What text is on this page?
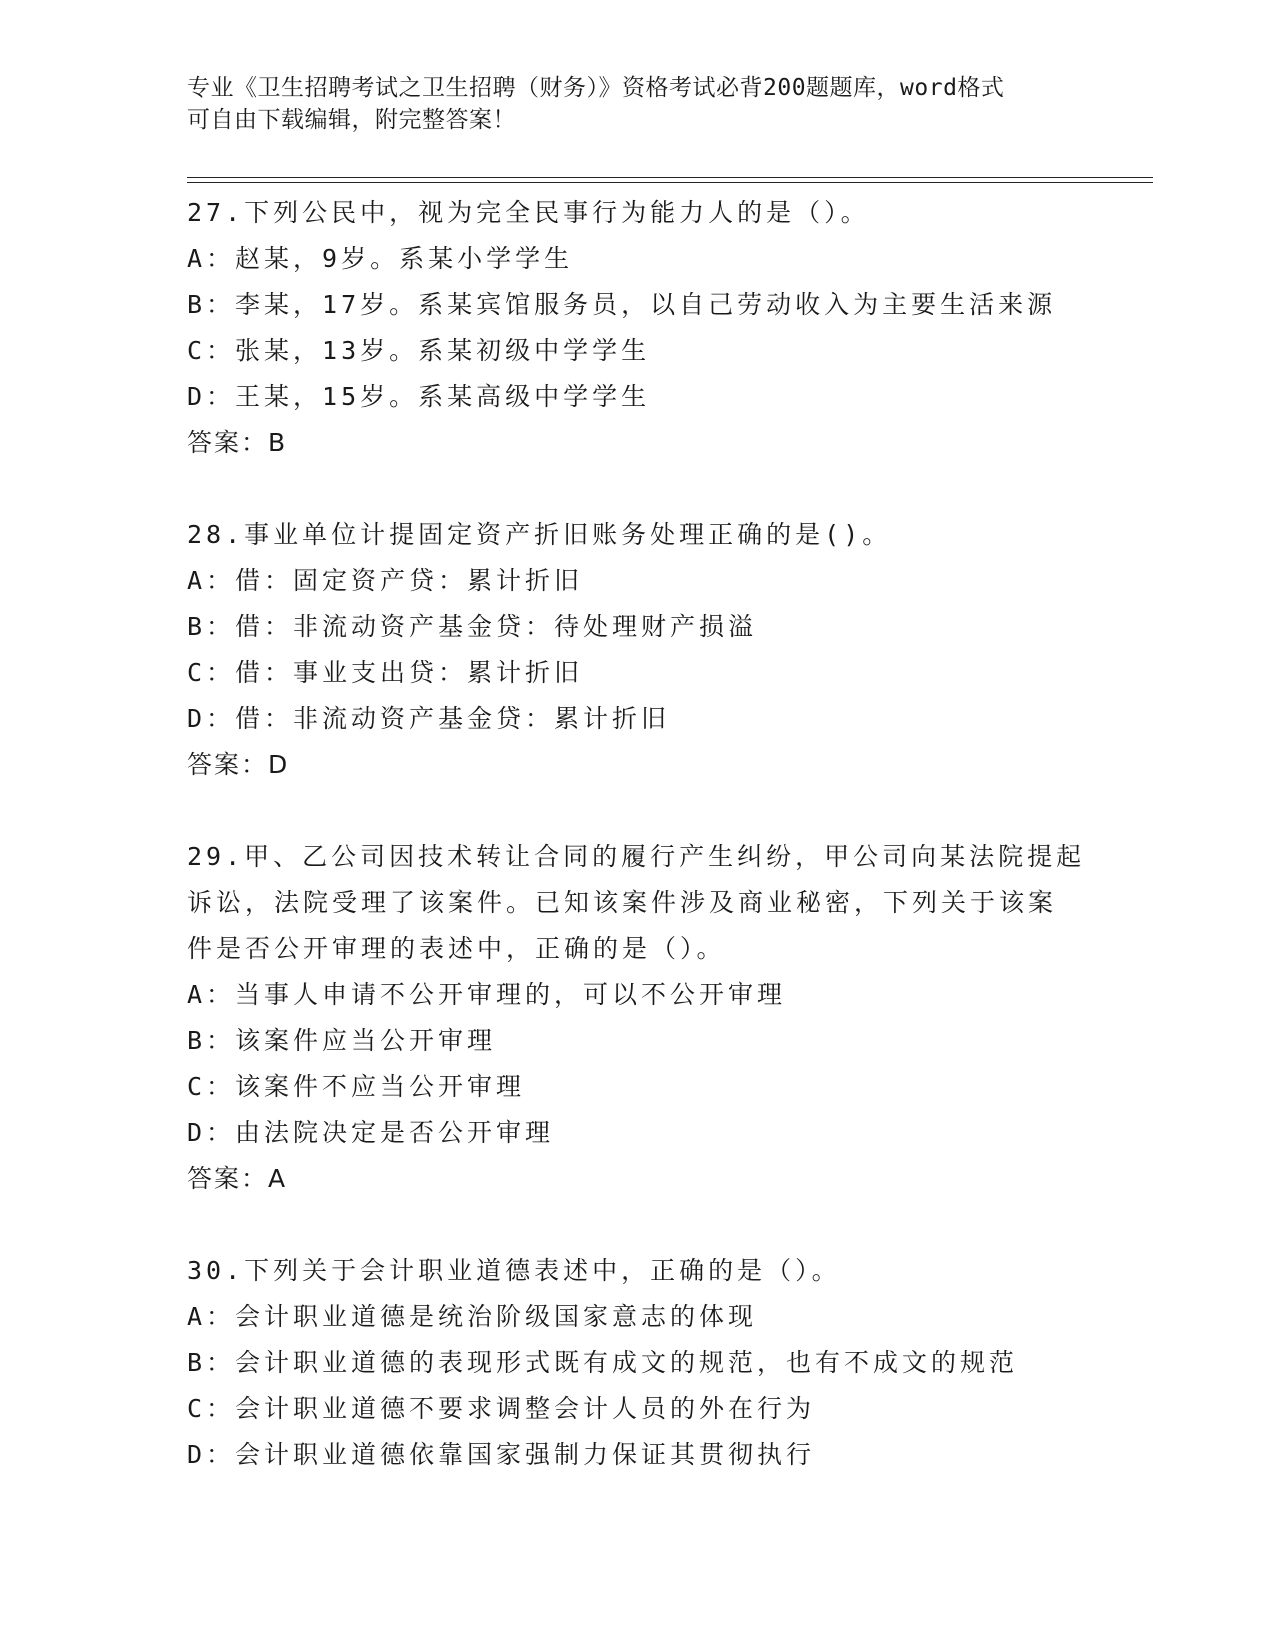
专业《卫生招聘考试之卫生招聘（财务）》资格考试必背200题题库，word格式
可自由下载编辑，附完整答案！
27.下列公民中，视为完全民事行为能力人的是（）。
A：赵某，9岁。系某小学学生
B：李某，17岁。系某宾馆服务员，以自己劳动收入为主要生活来源
C：张某，13岁。系某初级中学学生
D：王某，15岁。系某高级中学学生
答案：B
28.事业单位计提固定资产折旧账务处理正确的是()。
A：借：固定资产贷：累计折旧
B：借：非流动资产基金贷：待处理财产损溢
C：借：事业支出贷：累计折旧
D：借：非流动资产基金贷：累计折旧
答案：D
29.甲、乙公司因技术转让合同的履行产生纠纷，甲公司向某法院提起
诉讼，法院受理了该案件。已知该案件涉及商业秘密，下列关于该案
件是否公开审理的表述中，正确的是（）。
A：当事人申请不公开审理的，可以不公开审理
B：该案件应当公开审理
C：该案件不应当公开审理
D：由法院决定是否公开审理
答案：A
30.下列关于会计职业道德表述中，正确的是（）。
A：会计职业道德是统治阶级国家意志的体现
B：会计职业道德的表现形式既有成文的规范，也有不成文的规范
C：会计职业道德不要求调整会计人员的外在行为
D：会计职业道德依靠国家强制力保证其贯彻执行
